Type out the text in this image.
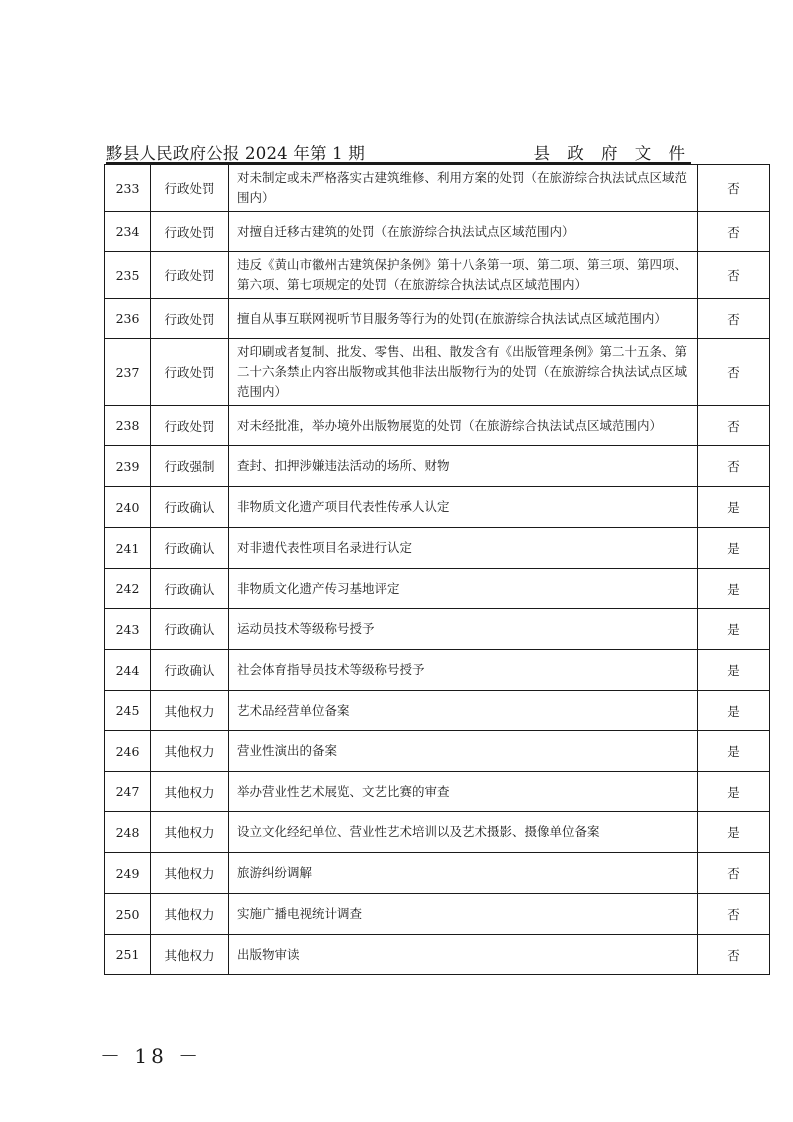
黟县人民政府公报 2024 年第 1 期	县 政 府 文 件
233	行政处罚	对未制定或未严格落实古建筑维修、利用方案的处罚（在旅游综合执法试点区域范围内）	否
234	行政处罚	对擅自迁移古建筑的处罚（在旅游综合执法试点区域范围内）	否
235	行政处罚	违反《黄山市徽州古建筑保护条例》第十八条第一项、第二项、第三项、第四项、第六项、第七项规定的处罚（在旅游综合执法试点区域范围内）	否
236	行政处罚	擅自从事互联网视听节目服务等行为的处罚(在旅游综合执法试点区域范围内）	否
237	行政处罚	对印刷或者复制、批发、零售、出租、散发含有《出版管理条例》第二十五条、第二十六条禁止内容出版物或其他非法出版物行为的处罚（在旅游综合执法试点区域范围内）	否
238	行政处罚	对未经批准，举办境外出版物展览的处罚（在旅游综合执法试点区域范围内）	否
239	行政强制	查封、扣押涉嫌违法活动的场所、财物	否
240	行政确认	非物质文化遗产项目代表性传承人认定	是
241	行政确认	对非遗代表性项目名录进行认定	是
242	行政确认	非物质文化遗产传习基地评定	是
243	行政确认	运动员技术等级称号授予	是
244	行政确认	社会体育指导员技术等级称号授予	是
245	其他权力	艺术品经营单位备案	是
246	其他权力	营业性演出的备案	是
247	其他权力	举办营业性艺术展览、文艺比赛的审查	是
248	其他权力	设立文化经纪单位、营业性艺术培训以及艺术摄影、摄像单位备案	是
249	其他权力	旅游纠纷调解	否
250	其他权力	实施广播电视统计调查	否
251	其他权力	出版物审读	否
－ 18 －
